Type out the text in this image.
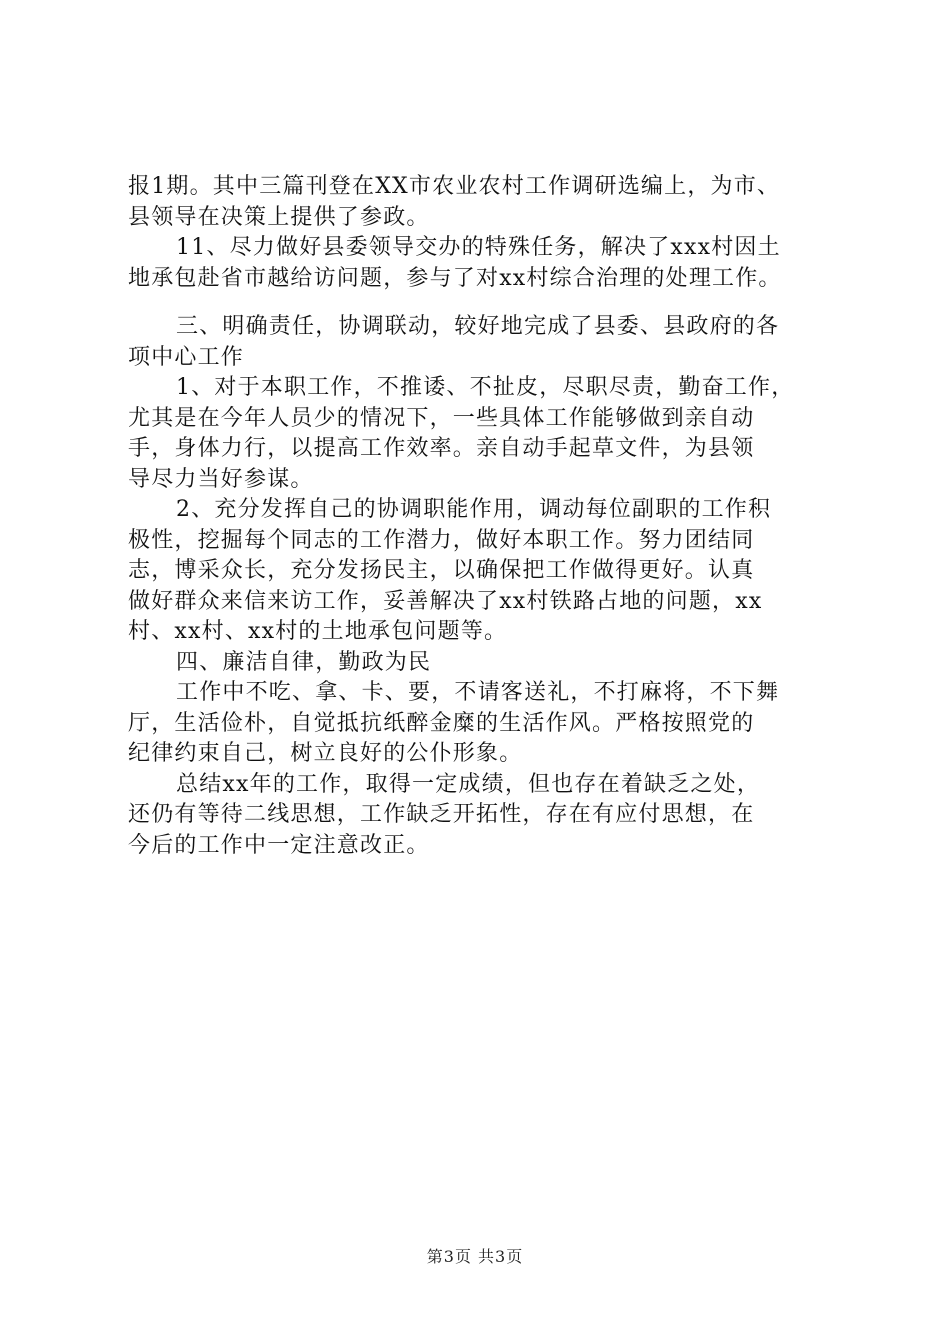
报1期。其中三篇刊登在XX市农业农村工作调研选编上，为市、
县领导在决策上提供了参政。
11、尽力做好县委领导交办的特殊任务，解决了xxx村因土
地承包赴省市越给访问题，参与了对xx村综合治理的处理工作。
三、明确责任，协调联动，较好地完成了县委、县政府的各
项中心工作
1、对于本职工作，不推诿、不扯皮，尽职尽责，勤奋工作，
尤其是在今年人员少的情况下，一些具体工作能够做到亲自动
手，身体力行，以提高工作效率。亲自动手起草文件，为县领
导尽力当好参谋。
2、充分发挥自己的协调职能作用，调动每位副职的工作积
极性，挖掘每个同志的工作潜力，做好本职工作。努力团结同
志，博采众长，充分发扬民主，以确保把工作做得更好。认真
做好群众来信来访工作，妥善解决了xx村铁路占地的问题，xx
村、xx村、xx村的土地承包问题等。
四、廉洁自律，勤政为民
工作中不吃、拿、卡、要，不请客送礼，不打麻将，不下舞
厅，生活俭朴，自觉抵抗纸醉金糜的生活作风。严格按照党的
纪律约束自己，树立良好的公仆形象。
总结xx年的工作，取得一定成绩，但也存在着缺乏之处，
还仍有等待二线思想，工作缺乏开拓性，存在有应付思想，在
今后的工作中一定注意改正。
第3页 共3页
